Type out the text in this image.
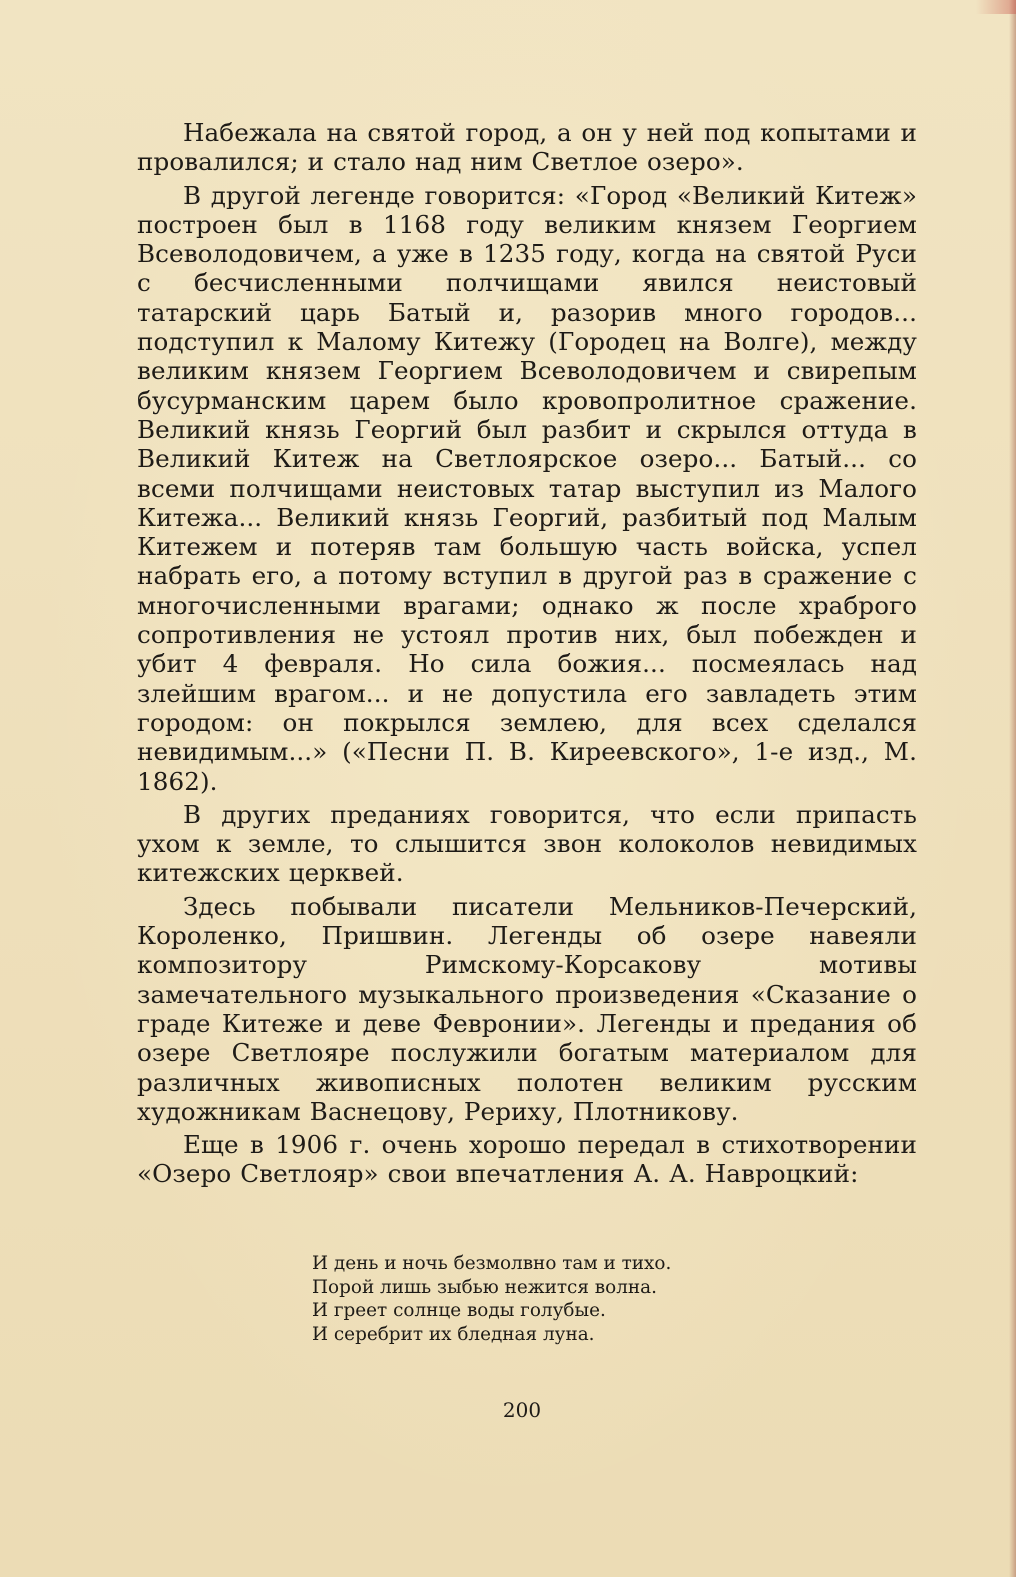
Набежала на святой город, а он у ней под копытами и провалился; и стало над ним Светлое озеро».

В другой легенде говорится: «Город «Великий Китеж» построен был в 1168 году великим князем Георгием Всеволодовичем, а уже в 1235 году, когда на святой Руси с бесчисленными полчищами явился неистовый татарский царь Батый и, разорив много городов... подступил к Малому Китежу (Городец на Волге), между великим князем Георгием Всеволодовичем и свирепым бусурманским царем было кровопролитное сражение. Великий князь Георгий был разбит и скрылся оттуда в Великий Китеж на Светлоярское озеро... Батый... со всеми полчищами неистовых татар выступил из Малого Китежа... Великий князь Георгий, разбитый под Малым Китежем и потеряв там большую часть войска, успел набрать его, а потому вступил в другой раз в сражение с многочисленными врагами; однако ж после храброго сопротивления не устоял против них, был побежден и убит 4 февраля. Но сила божия... посмеялась над злейшим врагом... и не допустила его завладеть этим городом: он покрылся землею, для всех сделался невидимым...» («Песни П. В. Киреевского», 1-е изд., М. 1862).

В других преданиях говорится, что если припасть ухом к земле, то слышится звон колоколов невидимых китежских церквей.

Здесь побывали писатели Мельников-Печерский, Короленко, Пришвин. Легенды об озере навеяли композитору Римскому-Корсакову мотивы замечательного музыкального произведения «Сказание о граде Китеже и деве Февронии». Легенды и предания об озере Светлояре послужили богатым материалом для различных живописных полотен великим русским художникам Васнецову, Рериху, Плотникову.

Еще в 1906 г. очень хорошо передал в стихотворении «Озеро Светлояр» свои впечатления А. А. Навроцкий:

И день и ночь безмолвно там и тихо.
Порой лишь зыбью нежится волна.
И греет солнце воды голубые.
И серебрит их бледная луна.
200
